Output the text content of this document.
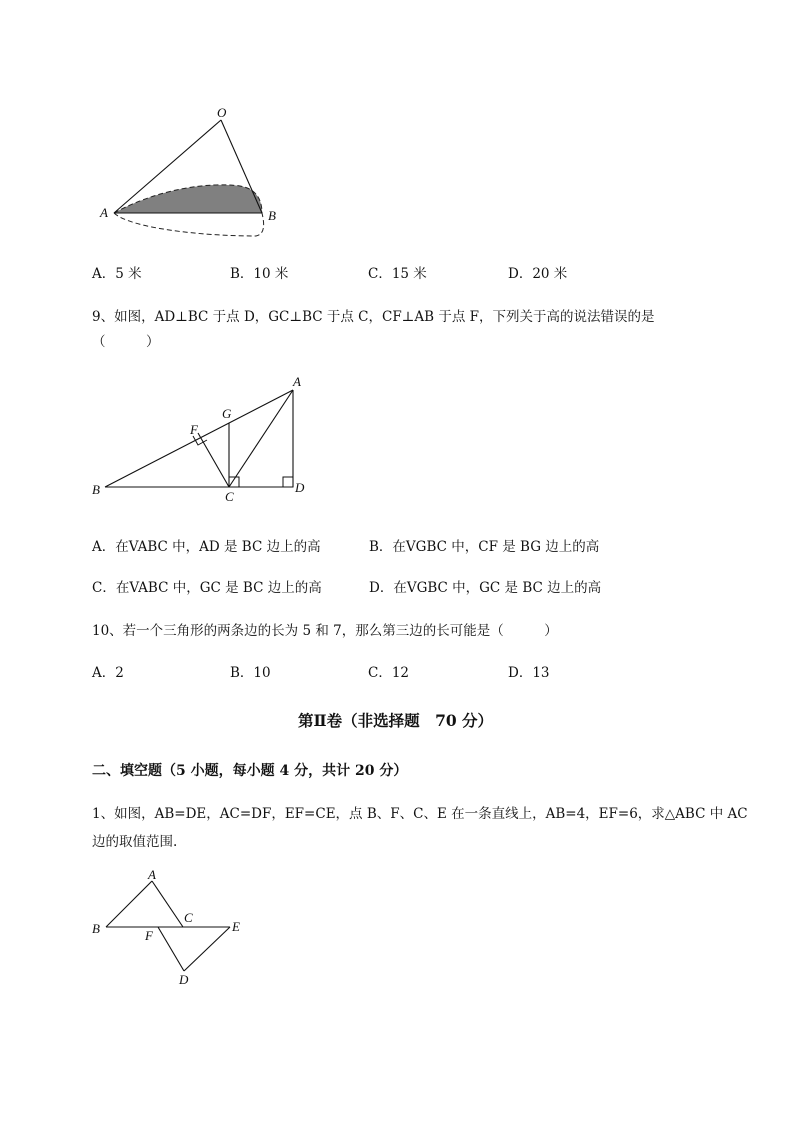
O
A	B
A．5 米	B．10 米	C．15 米	D．20 米
9、如图，AD⊥BC 于点 D，GC⊥BC 于点 C，CF⊥AB 于点 F，下列关于高的说法错误的是
（　　　）
A
B	C
D
F
G
A．在VABC 中，AD 是 BC 边上的高	B．在VGBC 中，CF 是 BG 边上的高
C．在VABC 中，GC 是 BC 边上的高	D．在VGBC 中，GC 是 BC 边上的高
10、若一个三角形的两条边的长为 5 和 7，那么第三边的长可能是（　　　）
A．2	B．10	C．12	D．13
第Ⅱ卷（非选择题　70 分）
二、填空题（5 小题，每小题 4 分，共计 20 分）
1、如图，AB=DE，AC=DF，EF=CE，点 B、F、C、E 在一条直线上，AB=4，EF=6，求△ABC 中 AC
边的取值范围.
A
B
C
D
E
F
